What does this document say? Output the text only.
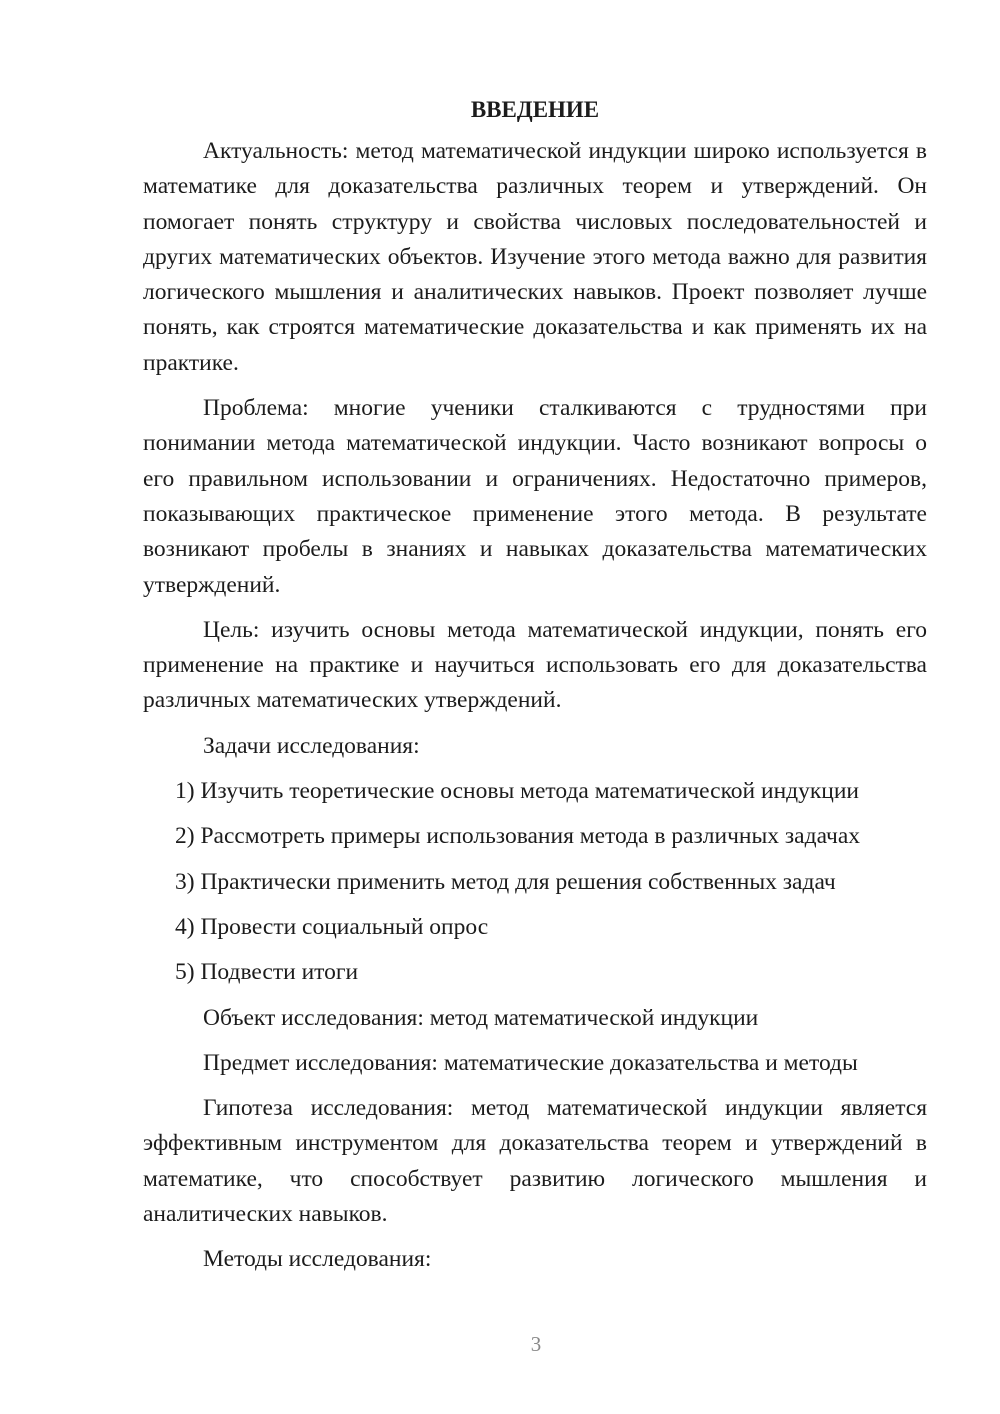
ВВЕДЕНИЕ

Актуальность: метод математической индукции широко используется в математике для доказательства различных теорем и утверждений. Он помогает понять структуру и свойства числовых последовательностей и других математических объектов. Изучение этого метода важно для развития логического мышления и аналитических навыков. Проект позволяет лучше понять, как строятся математические доказательства и как применять их на практике.

Проблема: многие ученики сталкиваются с трудностями при понимании метода математической индукции. Часто возникают вопросы о его правильном использовании и ограничениях. Недостаточно примеров, показывающих практическое применение этого метода. В результате возникают пробелы в знаниях и навыках доказательства математических утверждений.

Цель: изучить основы метода математической индукции, понять его применение на практике и научиться использовать его для доказательства различных математических утверждений.

Задачи исследования:

1) Изучить теоретические основы метода математической индукции

2) Рассмотреть примеры использования метода в различных задачах

3) Практически применить метод для решения собственных задач

4) Провести социальный опрос

5) Подвести итоги

Объект исследования: метод математической индукции

Предмет исследования: математические доказательства и методы

Гипотеза исследования: метод математической индукции является эффективным инструментом для доказательства теорем и утверждений в математике, что способствует развитию логического мышления и аналитических навыков.

Методы исследования:

3
